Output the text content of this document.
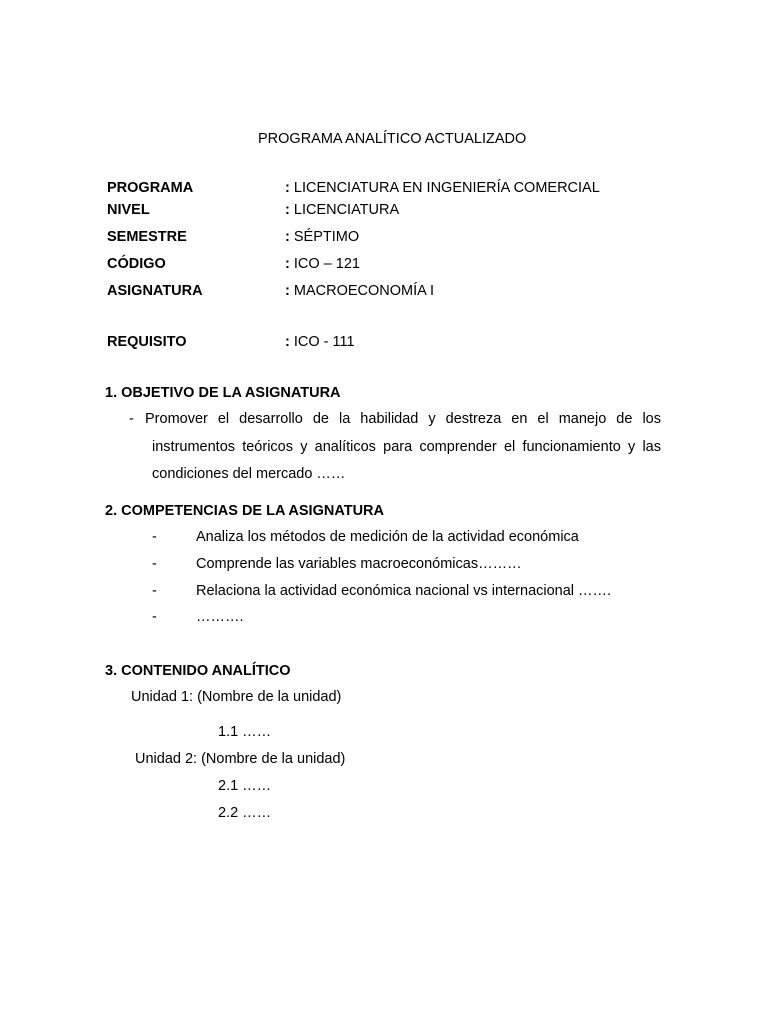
PROGRAMA ANALÍTICO ACTUALIZADO
PROGRAMA	: LICENCIATURA EN INGENIERÍA COMERCIAL
NIVEL	: LICENCIATURA
SEMESTRE	: SÉPTIMO
CÓDIGO	: ICO – 121
ASIGNATURA	: MACROECONOMÍA I
REQUISITO	: ICO - 111
1. OBJETIVO DE LA ASIGNATURA
- Promover el desarrollo de la habilidad y destreza en el manejo de los
instrumentos teóricos y analíticos para comprender el funcionamiento y las
condiciones del mercado ……
2. COMPETENCIAS DE LA ASIGNATURA
-	Analiza los métodos de medición de la actividad económica
-	Comprende las variables macroeconómicas………
-	Relaciona la actividad económica nacional vs internacional …….
-	……….
3. CONTENIDO ANALÍTICO
Unidad 1: (Nombre de la unidad)
1.1 ……
Unidad 2: (Nombre de la unidad)
2.1 ……
2.2 ……
